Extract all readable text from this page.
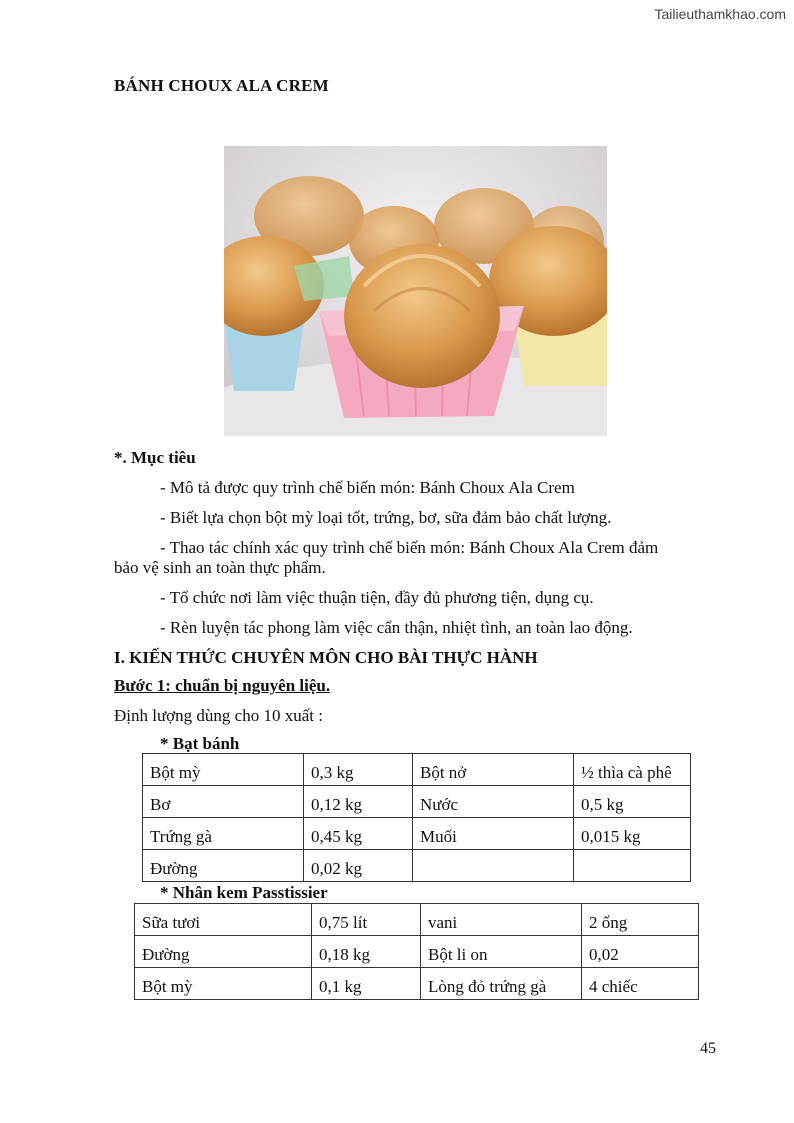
Tailieuthamkhao.com
BÁNH CHOUX ALA CREM
*. Mục tiêu
- Mô tả được quy trình chế biến món: Bánh Choux Ala Crem
- Biết lựa chọn bột mỳ loại tốt, trứng, bơ, sữa đảm bảo chất lượng.
- Thao tác chính xác quy trình chế biến món: Bánh Choux Ala Crem đảm
bảo vệ sinh an toàn thực phẩm.
- Tổ chức nơi làm việc thuận tiện, đầy đủ phương tiện, dụng cụ.
- Rèn luyện tác phong làm việc cẩn thận, nhiệt tình, an toàn lao động.
I. KIẾN THỨC CHUYÊN MÔN CHO BÀI THỰC HÀNH
Bước 1: chuẩn bị nguyên liệu.
Định lượng dùng cho 10 xuất :
* Bạt bánh
Bột mỳ	0,3 kg	Bột nở	½ thìa cà phê
Bơ	0,12 kg	Nước	0,5 kg
Trứng gà	0,45 kg	Muối	0,015 kg
Đường	0,02 kg		
* Nhân kem Passtissier
Sữa tươi	0,75 lít	vani	2 ống
Đường	0,18 kg	Bột li on	0,02
Bột mỳ	0,1 kg	Lòng đỏ trứng gà	4 chiếc
45
